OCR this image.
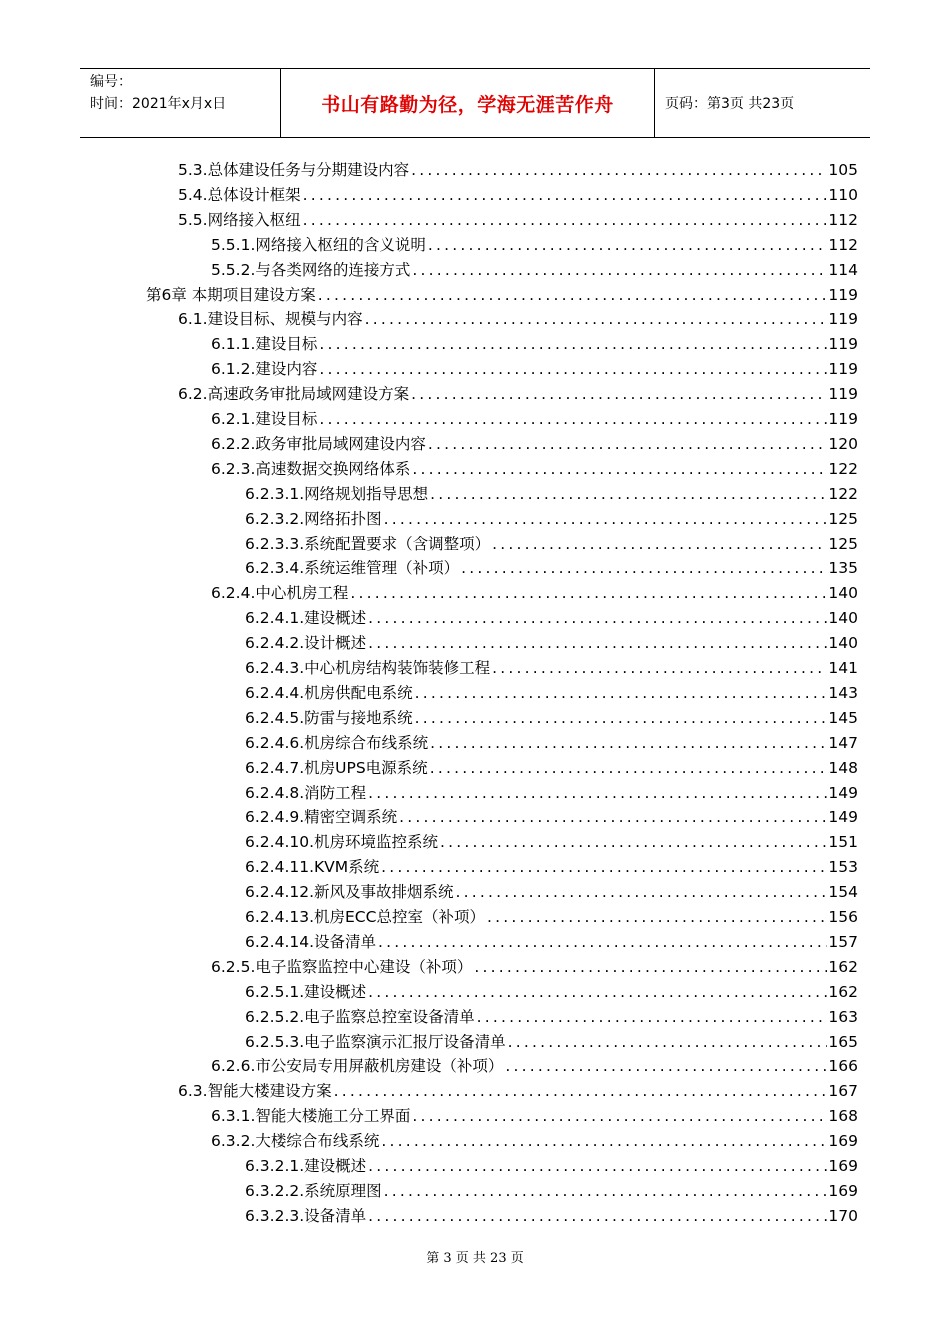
编号：
时间：2021年x月x日	书山有路勤为径，学海无涯苦作舟	页码：第3页 共23页
5.3.总体建设任务与分期建设内容 .....	105
5.4.总体设计框架 .....	110
5.5.网络接入枢纽 .....	112
5.5.1.网络接入枢纽的含义说明 .....	112
5.5.2.与各类网络的连接方式 .....	114
第6章 本期项目建设方案 .....	119
6.1.建设目标、规模与内容 .....	119
6.1.1.建设目标 .....	119
6.1.2.建设内容 .....	119
6.2.高速政务审批局域网建设方案 .....	119
6.2.1.建设目标 .....	119
6.2.2.政务审批局域网建设内容 .....	120
6.2.3.高速数据交换网络体系 .....	122
6.2.3.1.网络规划指导思想 .....	122
6.2.3.2.网络拓扑图 .....	125
6.2.3.3.系统配置要求（含调整项） .....	125
6.2.3.4.系统运维管理（补项） .....	135
6.2.4.中心机房工程 .....	140
6.2.4.1.建设概述 .....	140
6.2.4.2.设计概述 .....	140
6.2.4.3.中心机房结构装饰装修工程 .....	141
6.2.4.4.机房供配电系统 .....	143
6.2.4.5.防雷与接地系统 .....	145
6.2.4.6.机房综合布线系统 .....	147
6.2.4.7.机房UPS电源系统 .....	148
6.2.4.8.消防工程 .....	149
6.2.4.9.精密空调系统 .....	149
6.2.4.10.机房环境监控系统 .....	151
6.2.4.11.KVM系统 .....	153
6.2.4.12.新风及事故排烟系统 .....	154
6.2.4.13.机房ECC总控室（补项） .....	156
6.2.4.14.设备清单 .....	157
6.2.5.电子监察监控中心建设（补项） .....	162
6.2.5.1.建设概述 .....	162
6.2.5.2.电子监察总控室设备清单 .....	163
6.2.5.3.电子监察演示汇报厅设备清单 .....	165
6.2.6.市公安局专用屏蔽机房建设（补项） .....	166
6.3.智能大楼建设方案 .....	167
6.3.1.智能大楼施工分工界面 .....	168
6.3.2.大楼综合布线系统 .....	169
6.3.2.1.建设概述 .....	169
6.3.2.2.系统原理图 .....	169
6.3.2.3.设备清单 .....	170
第 3 页 共 23 页
